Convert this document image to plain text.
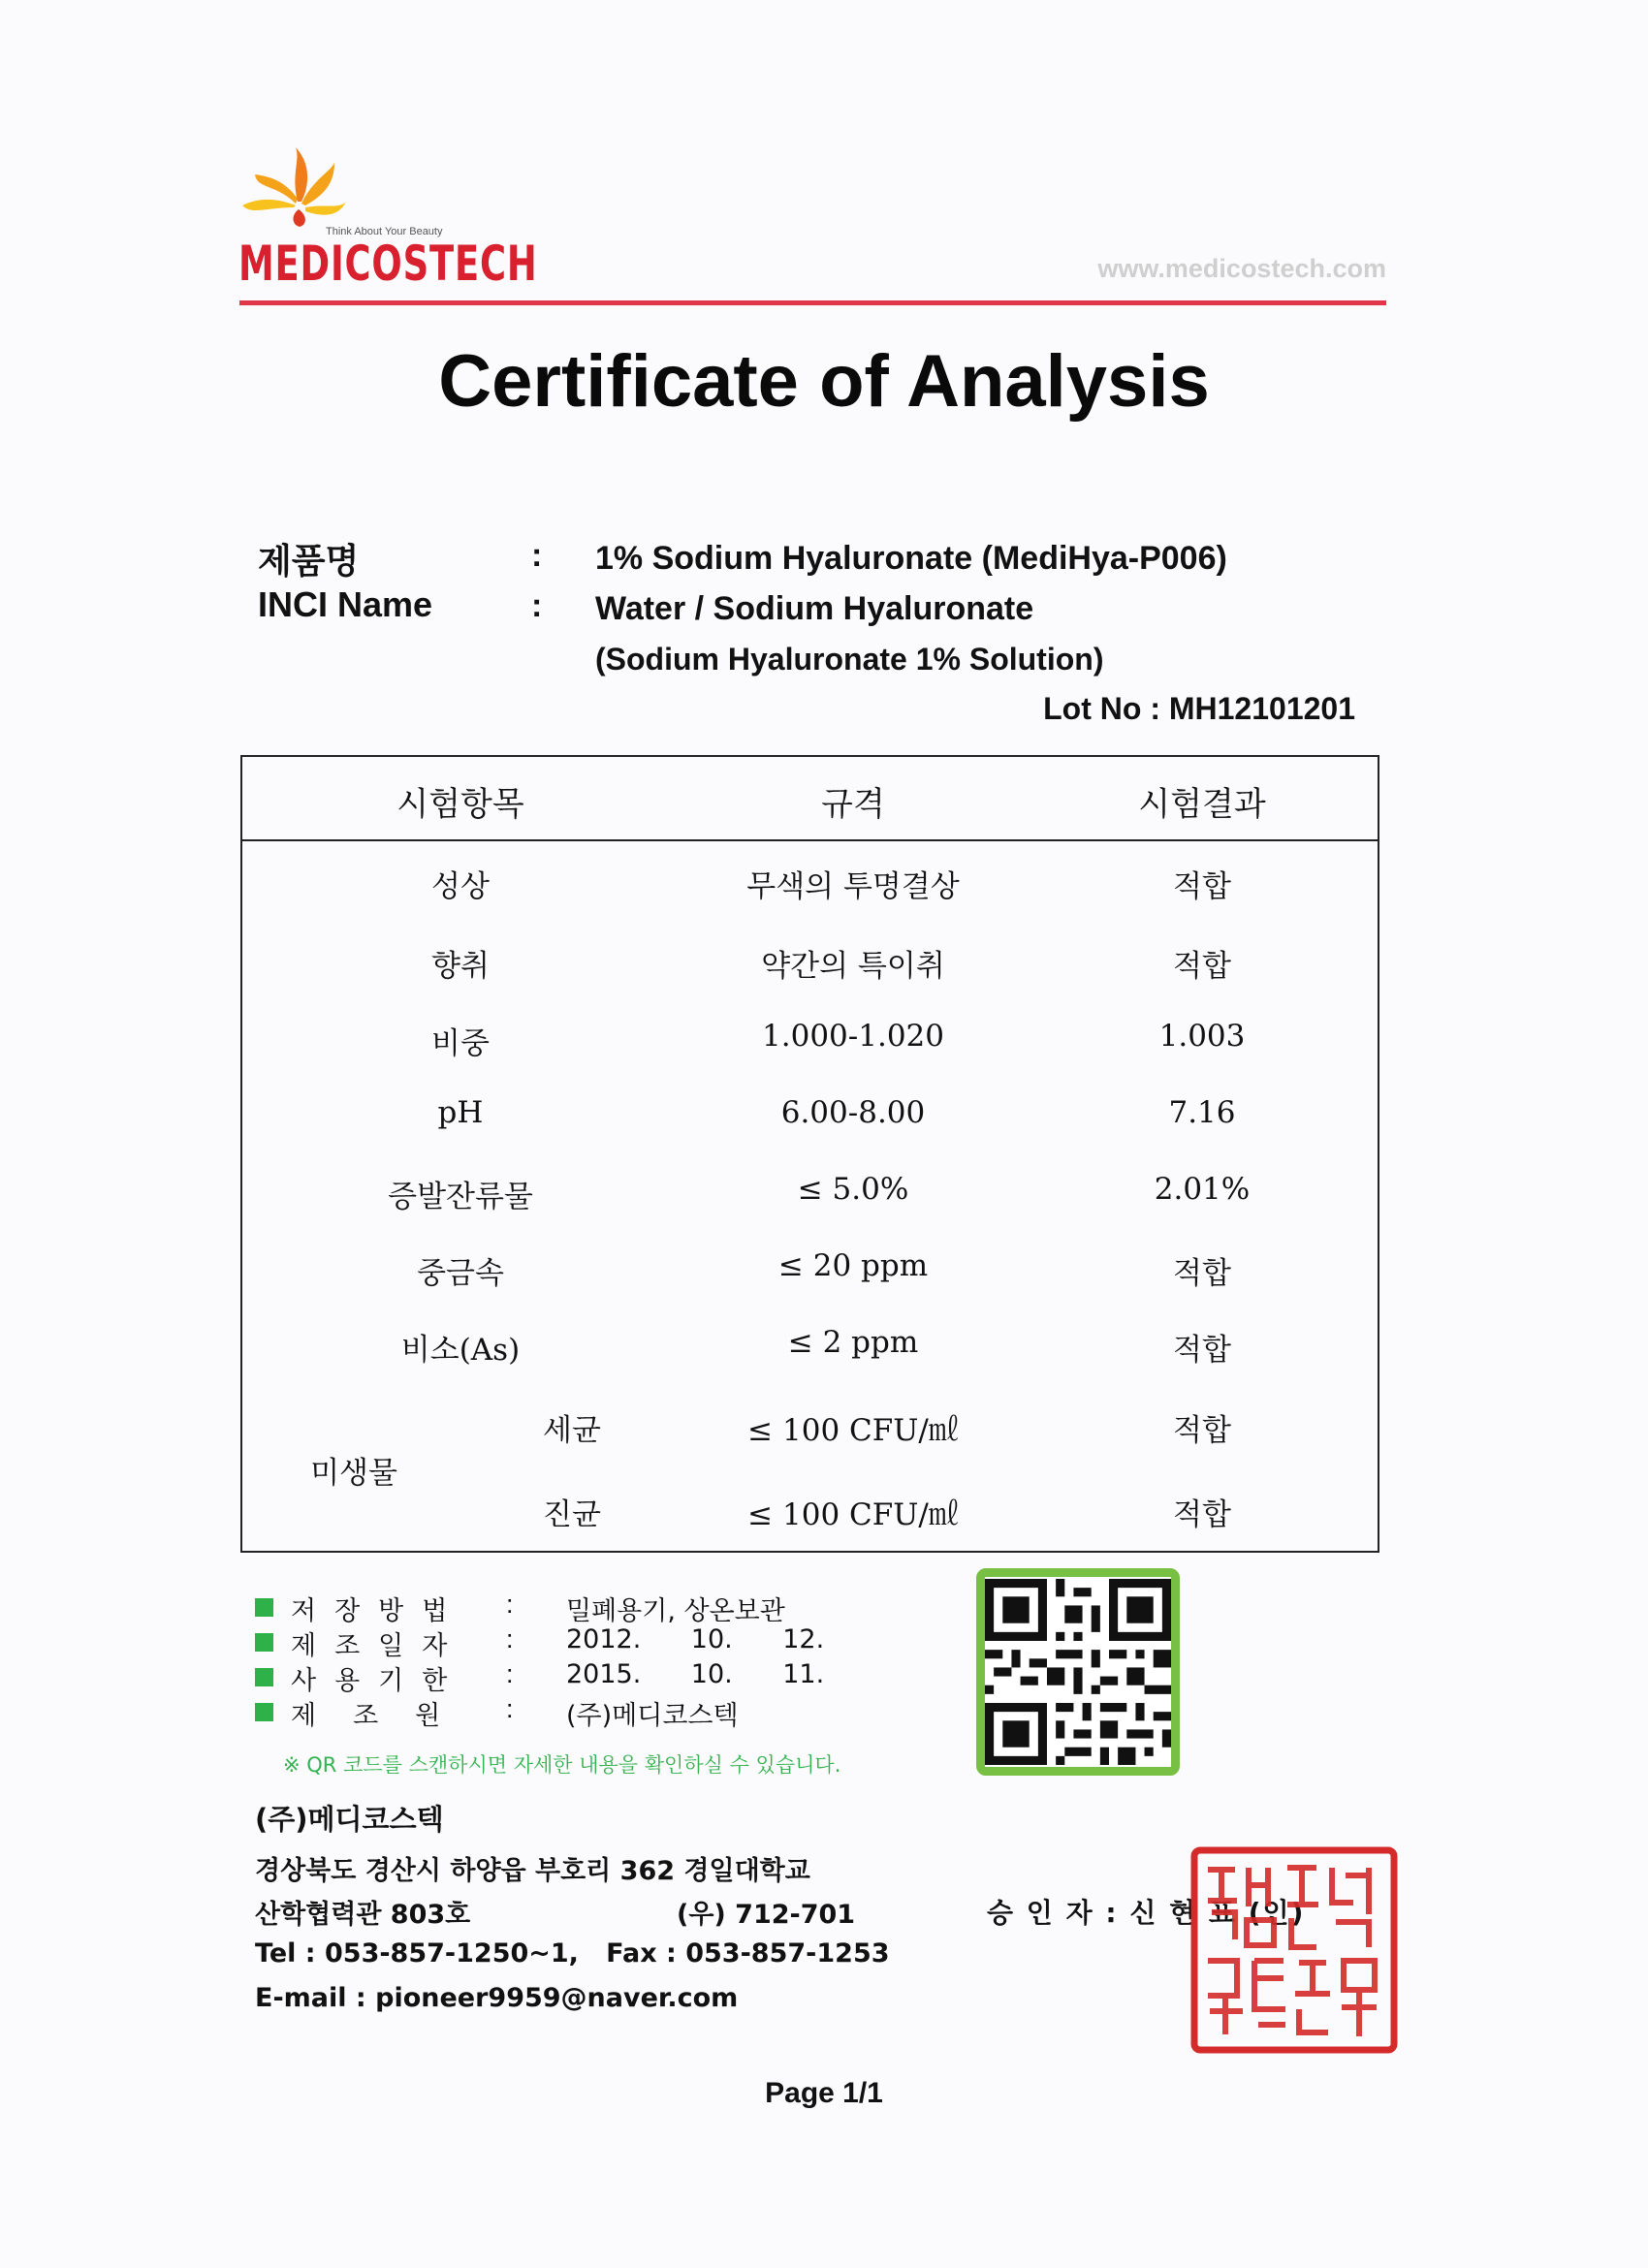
Think About Your Beauty
MEDICOSTECH	www.medicostech.com
Certificate of Analysis
제품명	: 1% Sodium Hyaluronate (MediHya-P006)
INCI Name	: Water / Sodium Hyaluronate
(Sodium Hyaluronate 1% Solution)
Lot No : MH12101201
시험항목	규격	시험결과
성상	무색의 투명결상	적합
향취	약간의 특이취	적합
비중	1.000-1.020	1.003
pH	6.00-8.00	7.16
증발잔류물	≤ 5.0%	2.01%
중금속	≤ 20 ppm	적합
비소(As)	≤ 2 ppm	적합
미생물
세균	≤ 100 CFU/㎖	적합
진균	≤ 100 CFU/㎖	적합
저장방법 : 밀폐용기, 상온보관
제조일자 : 2012.      10.      12.
사용기한 : 2015.      10.      11.
제조원 : (주)메디코스텍
※ QR 코드를 스캔하시면 자세한 내용을 확인하실 수 있습니다.
(주)메디코스텍
경상북도 경산시 하양읍 부호리 362 경일대학교
산학협력관 803호	(우) 712-701
Tel : 053-857-1250~1,   Fax : 053-857-1253
E-mail : pioneer9959@naver.com
승 인 자 : 신 현 표 (인)
Page 1/1
